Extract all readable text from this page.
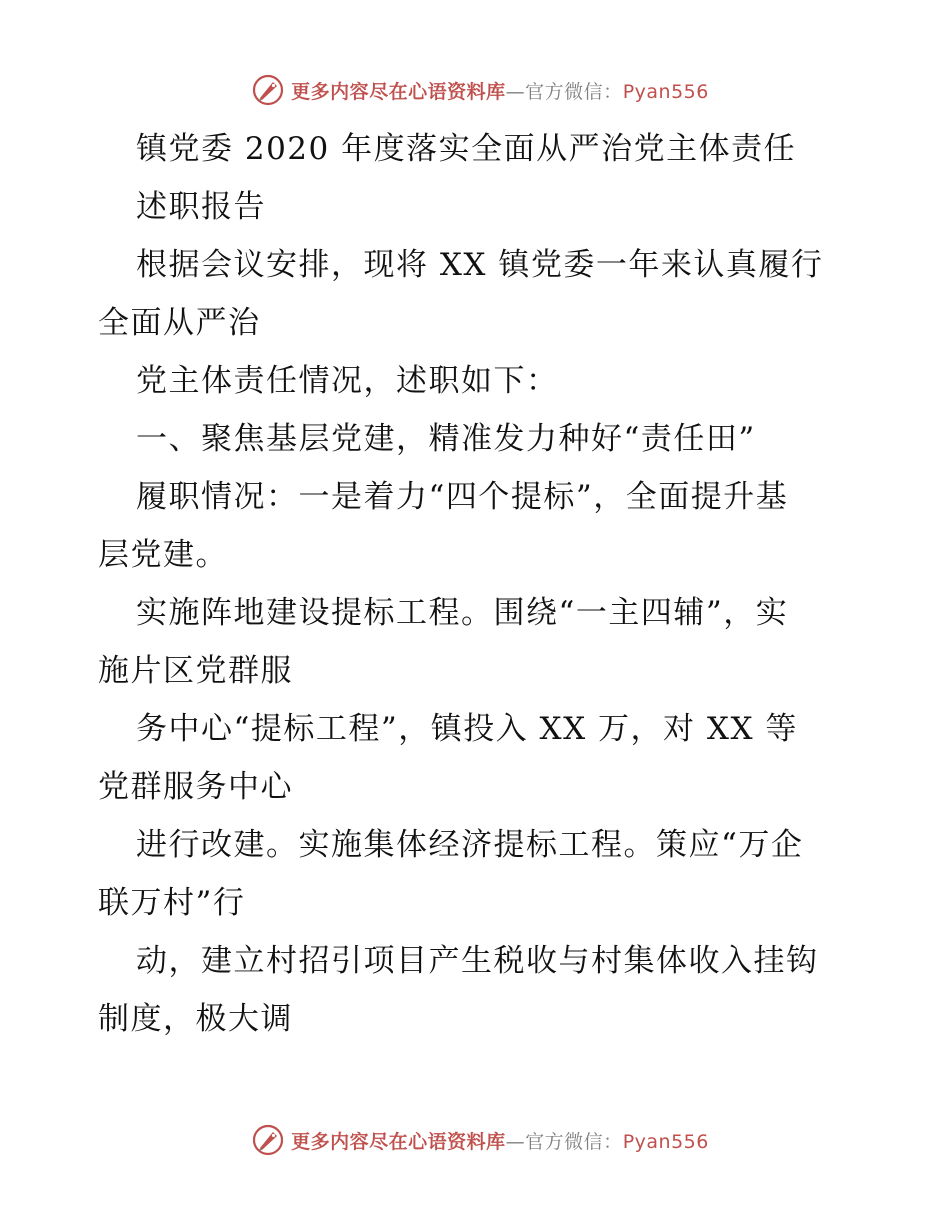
更多内容尽在心语资料库—官方微信：Pyan556
镇党委 2020 年度落实全面从严治党主体责任
述职报告
根据会议安排，现将 XX 镇党委一年来认真履行
全面从严治
党主体责任情况，述职如下：
一、聚焦基层党建，精准发力种好“责任田”
履职情况：一是着力“四个提标”，全面提升基
层党建。
实施阵地建设提标工程。围绕“一主四辅”，实
施片区党群服
务中心“提标工程”，镇投入 XX 万，对 XX 等
党群服务中心
进行改建。实施集体经济提标工程。策应“万企
联万村”行
动，建立村招引项目产生税收与村集体收入挂钩
制度，极大调
更多内容尽在心语资料库—官方微信：Pyan556
